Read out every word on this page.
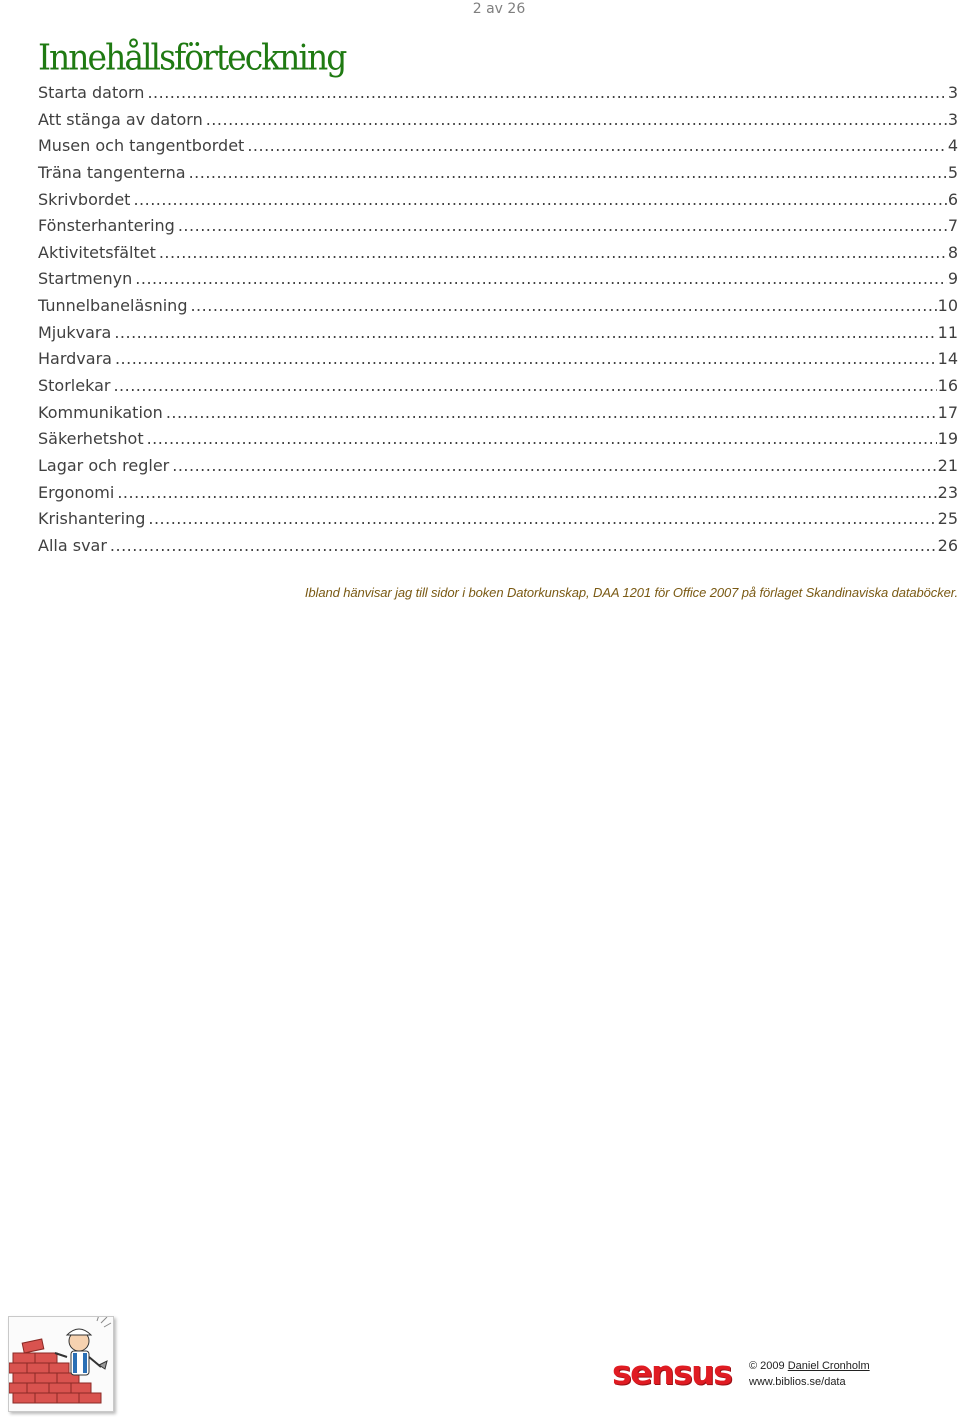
2 av 26
Innehållsförteckning
Starta datorn .....	3
Att stänga av datorn .....	3
Musen och tangentbordet .....	4
Träna tangenterna .....	5
Skrivbordet .....	6
Fönsterhantering .....	7
Aktivitetsfältet .....	8
Startmenyn .....	9
Tunnelbaneläsning .....	10
Mjukvara .....	11
Hardvara .....	14
Storlekar .....	16
Kommunikation .....	17
Säkerhetshot .....	19
Lagar och regler .....	21
Ergonomi .....	23
Krishantering .....	25
Alla svar .....	26

Ibland hänvisar jag till sidor i boken Datorkunskap, DAA 1201 för Office 2007 på förlaget Skandinaviska databöcker.

sensus © 2009 Daniel Cronholm
www.biblios.se/data
